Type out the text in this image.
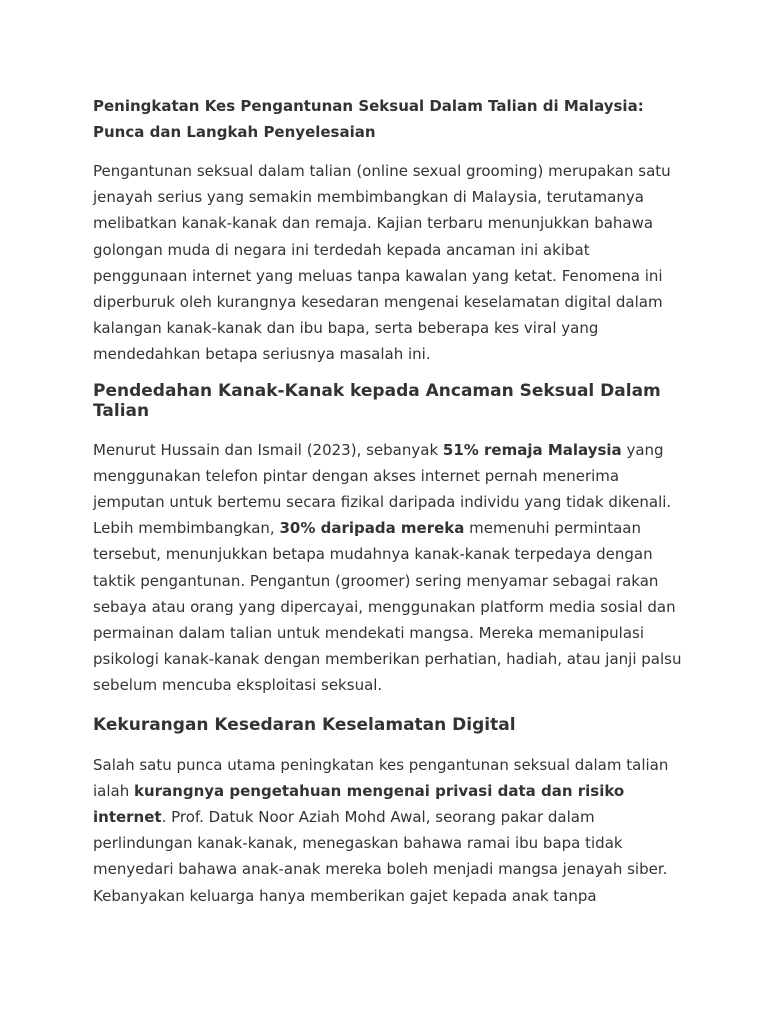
Peningkatan Kes Pengantunan Seksual Dalam Talian di Malaysia: Punca dan Langkah Penyelesaian

Pengantunan seksual dalam talian (online sexual grooming) merupakan satu jenayah serius yang semakin membimbangkan di Malaysia, terutamanya melibatkan kanak-kanak dan remaja. Kajian terbaru menunjukkan bahawa golongan muda di negara ini terdedah kepada ancaman ini akibat penggunaan internet yang meluas tanpa kawalan yang ketat. Fenomena ini diperburuk oleh kurangnya kesedaran mengenai keselamatan digital dalam kalangan kanak-kanak dan ibu bapa, serta beberapa kes viral yang mendedahkan betapa seriusnya masalah ini.

Pendedahan Kanak-Kanak kepada Ancaman Seksual Dalam Talian

Menurut Hussain dan Ismail (2023), sebanyak 51% remaja Malaysia yang menggunakan telefon pintar dengan akses internet pernah menerima jemputan untuk bertemu secara fizikal daripada individu yang tidak dikenali. Lebih membimbangkan, 30% daripada mereka memenuhi permintaan tersebut, menunjukkan betapa mudahnya kanak-kanak terpedaya dengan taktik pengantunan. Pengantun (groomer) sering menyamar sebagai rakan sebaya atau orang yang dipercayai, menggunakan platform media sosial dan permainan dalam talian untuk mendekati mangsa. Mereka memanipulasi psikologi kanak-kanak dengan memberikan perhatian, hadiah, atau janji palsu sebelum mencuba eksploitasi seksual.

Kekurangan Kesedaran Keselamatan Digital

Salah satu punca utama peningkatan kes pengantunan seksual dalam talian ialah kurangnya pengetahuan mengenai privasi data dan risiko internet. Prof. Datuk Noor Aziah Mohd Awal, seorang pakar dalam perlindungan kanak-kanak, menegaskan bahawa ramai ibu bapa tidak menyedari bahawa anak-anak mereka boleh menjadi mangsa jenayah siber. Kebanyakan keluarga hanya memberikan gajet kepada anak tanpa
